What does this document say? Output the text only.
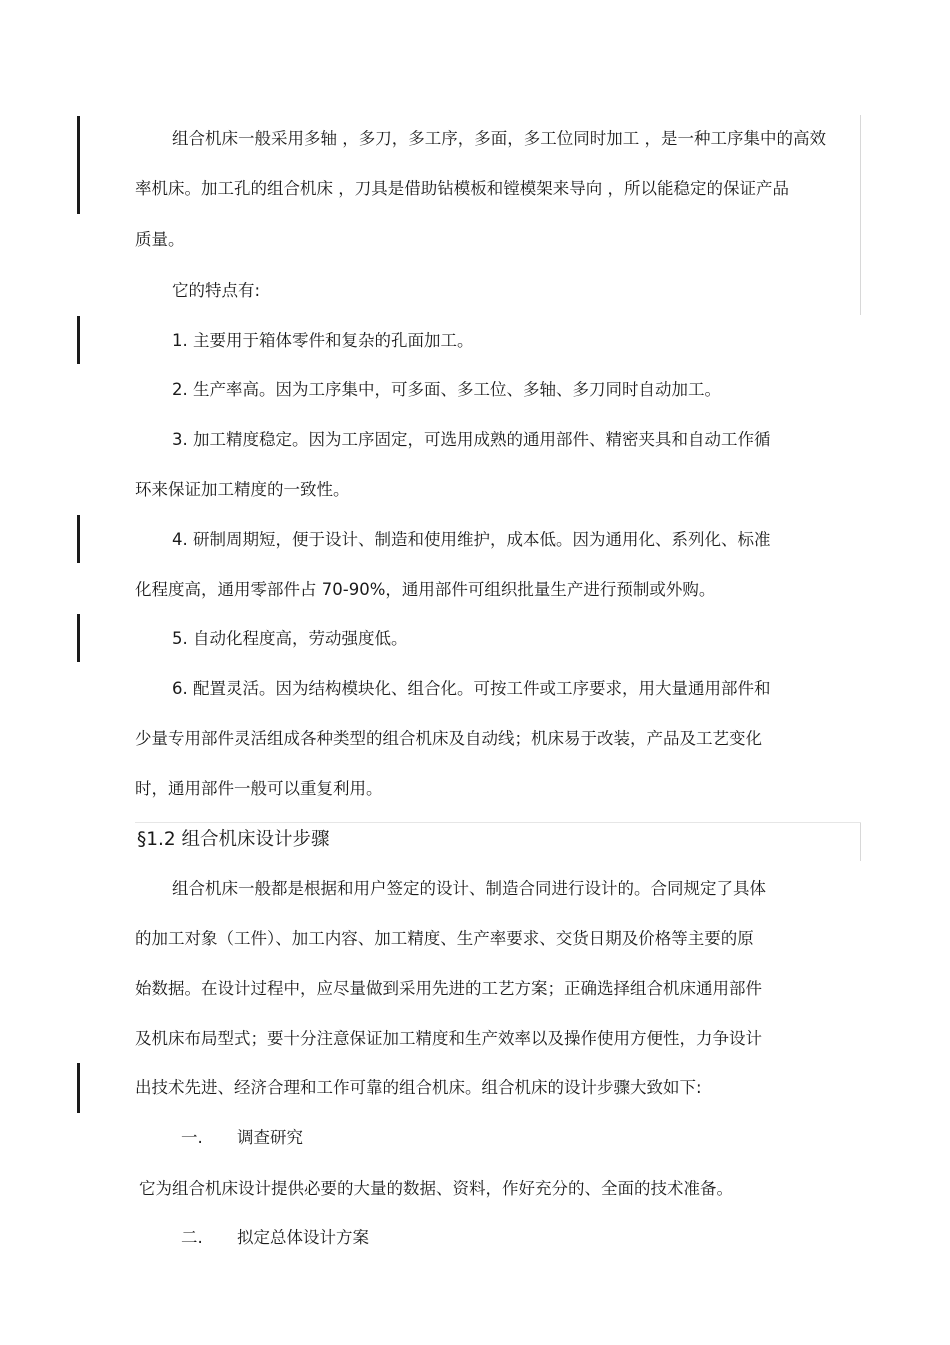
组合机床一般采用多轴 ，多刀，多工序，多面，多工位同时加工 ，是一种工序集中的高效
率机床。加工孔的组合机床 ，刀具是借助钻模板和镗模架来导向 ，所以能稳定的保证产品
质量。
它的特点有:
1. 主要用于箱体零件和复杂的孔面加工。
2. 生产率高。因为工序集中，可多面、多工位、多轴、多刀同时自动加工。
3. 加工精度稳定。因为工序固定，可选用成熟的通用部件、精密夹具和自动工作循
环来保证加工精度的一致性。
4. 研制周期短，便于设计、制造和使用维护，成本低。因为通用化、系列化、标准
化程度高，通用零部件占 70-90%，通用部件可组织批量生产进行预制或外购。
5. 自动化程度高，劳动强度低。
6. 配置灵活。因为结构模块化、组合化。可按工件或工序要求，用大量通用部件和
少量专用部件灵活组成各种类型的组合机床及自动线；机床易于改装，产品及工艺变化
时，通用部件一般可以重复利用。
§1.2 组合机床设计步骤
组合机床一般都是根据和用户签定的设计、制造合同进行设计的。合同规定了具体
的加工对象（工件）、加工内容、加工精度、生产率要求、交货日期及价格等主要的原
始数据。在设计过程中，应尽量做到采用先进的工艺方案；正确选择组合机床通用部件
及机床布局型式；要十分注意保证加工精度和生产效率以及操作使用方便性，力争设计
出技术先进、经济合理和工作可靠的组合机床。组合机床的设计步骤大致如下:
一. 调查研究
它为组合机床设计提供必要的大量的数据、资料，作好充分的、全面的技术准备。
二. 拟定总体设计方案
